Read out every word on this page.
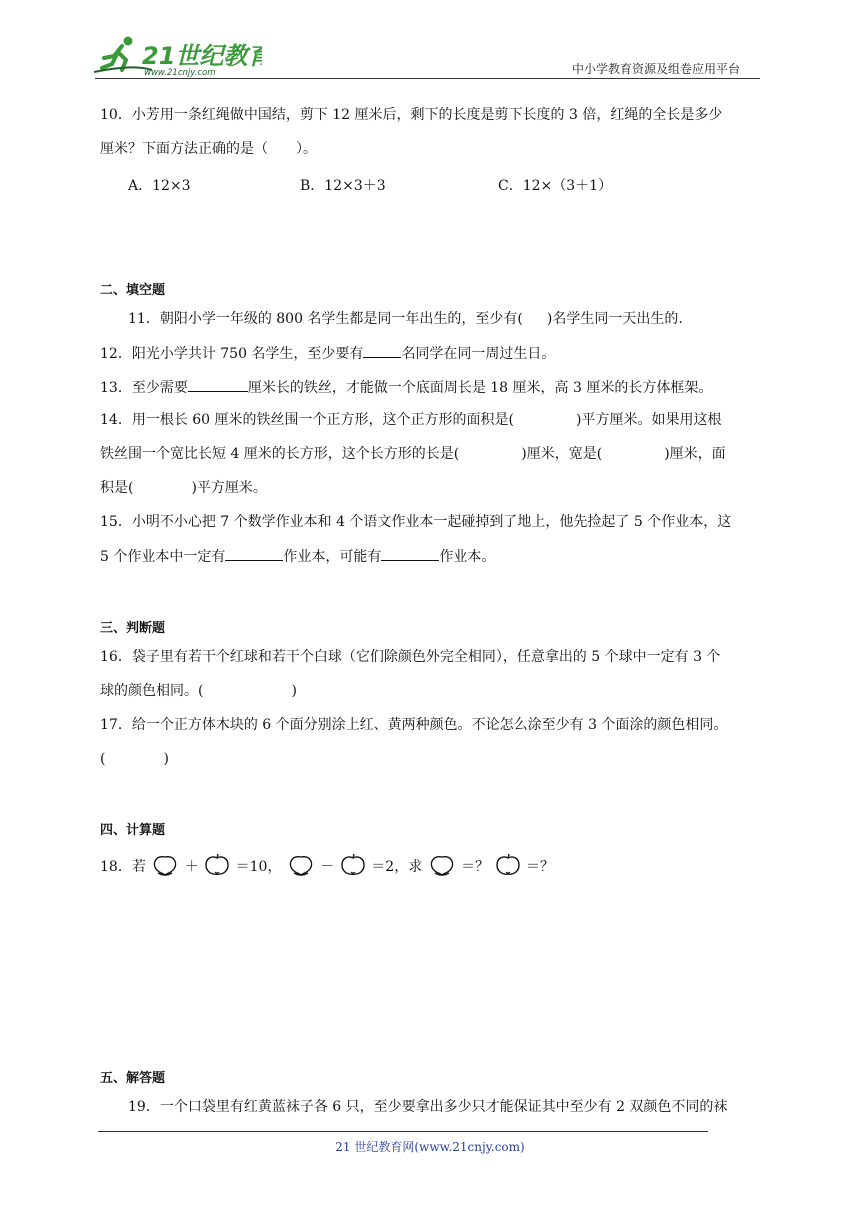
21世纪教育
www.21cnjy.com	中小学教育资源及组卷应用平台
10．小芳用一条红绳做中国结，剪下 12 厘米后，剩下的长度是剪下长度的 3 倍，红绳的全长是多少
厘米？下面方法正确的是（　　）。
A．12×3	B．12×3＋3	C．12×（3＋1）
二、填空题
11．朝阳小学一年级的 800 名学生都是同一年出生的，至少有( )名学生同一天出生的.
12．阳光小学共计 750 名学生，至少要有	名同学在同一周过生日。
13．至少需要	厘米长的铁丝，才能做一个底面周长是 18 厘米，高 3 厘米的长方体框架。
14．用一根长 60 厘米的铁丝围一个正方形，这个正方形的面积是(	)平方厘米。如果用这根
铁丝围一个宽比长短 4 厘米的长方形，这个长方形的长是(	)厘米，宽是(	)厘米，面
积是(	)平方厘米。
15．小明不小心把 7 个数学作业本和 4 个语文作业本一起碰掉到了地上，他先捡起了 5 个作业本，这
5 个作业本中一定有	作业本，可能有	作业本。
三、判断题
16．袋子里有若干个红球和若干个白球（它们除颜色外完全相同），任意拿出的 5 个球中一定有 3 个
球的颜色相同。(	)
17．给一个正方体木块的 6 个面分别涂上红、黄两种颜色。不论怎么涂至少有 3 个面涂的颜色相同。
(	)
四、计算题
18．若	＋	＝10，	－	＝2，求	＝？	＝？
五、解答题
19．一个口袋里有红黄蓝袜子各 6 只，至少要拿出多少只才能保证其中至少有 2 双颜色不同的袜
21 世纪教育网(www.21cnjy.com)
